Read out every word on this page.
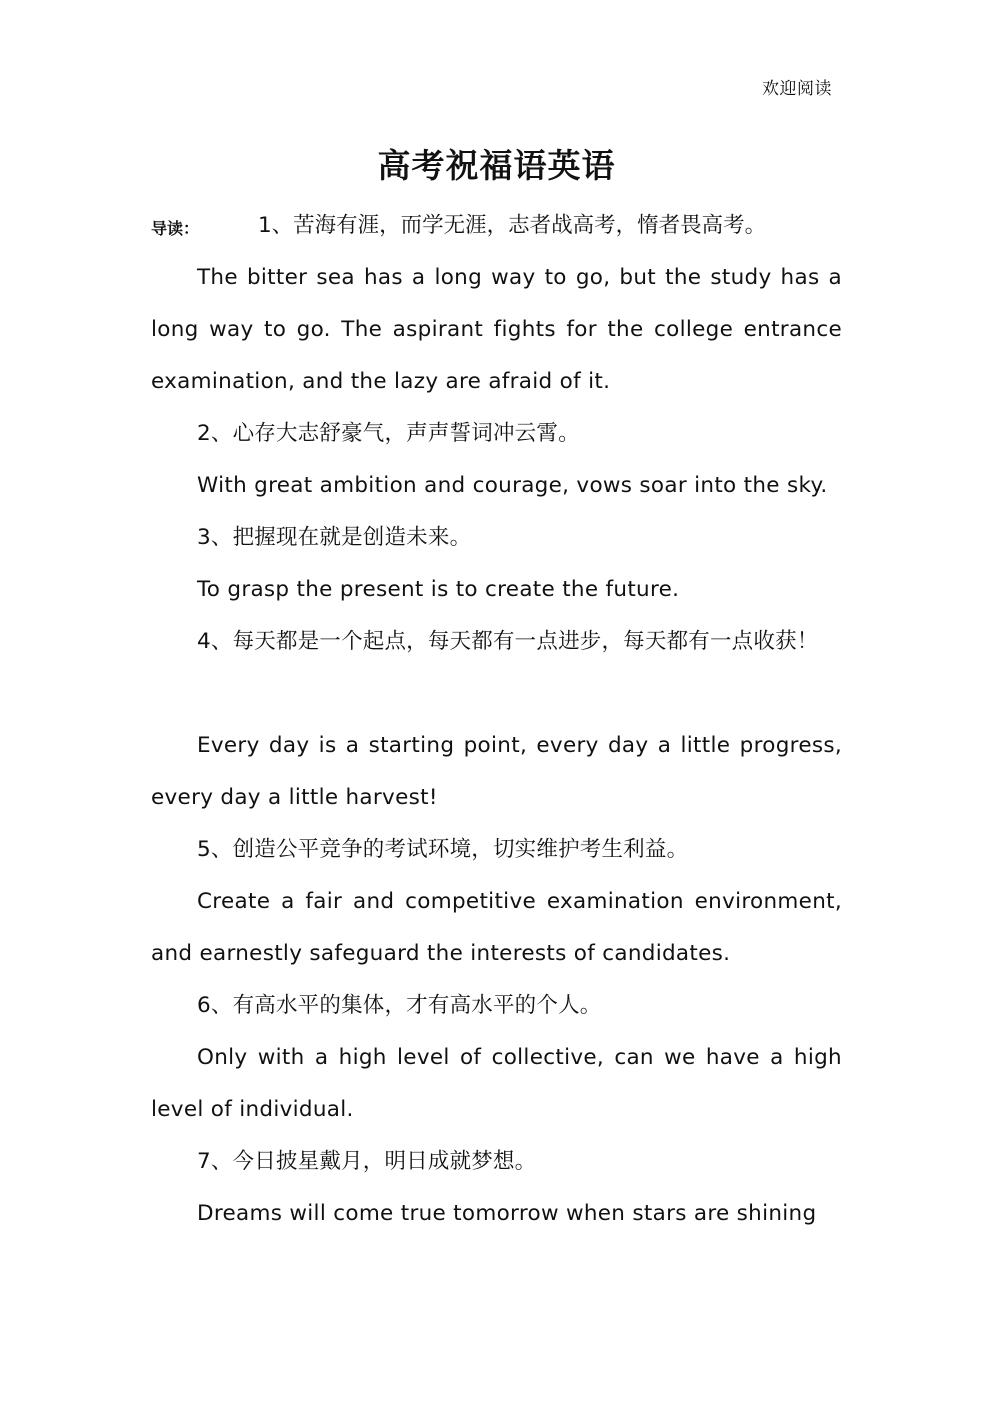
欢迎阅读
高考祝福语英语
导读：	1、苦海有涯，而学无涯，志者战高考，惰者畏高考。
The bitter sea has a long way to go, but the study has a long way to go. The aspirant fights for the college entrance examination, and the lazy are afraid of it.
2、心存大志舒豪气，声声誓词冲云霄。
With great ambition and courage, vows soar into the sky.
3、把握现在就是创造未来。
To grasp the present is to create the future.
4、每天都是一个起点，每天都有一点进步，每天都有一点收获！
Every day is a starting point, every day a little progress, every day a little harvest!
5、创造公平竞争的考试环境，切实维护考生利益。
Create a fair and competitive examination environment, and earnestly safeguard the interests of candidates.
6、有高水平的集体，才有高水平的个人。
Only with a high level of collective, can we have a high level of individual.
7、今日披星戴月，明日成就梦想。
Dreams will come true tomorrow when stars are shining
